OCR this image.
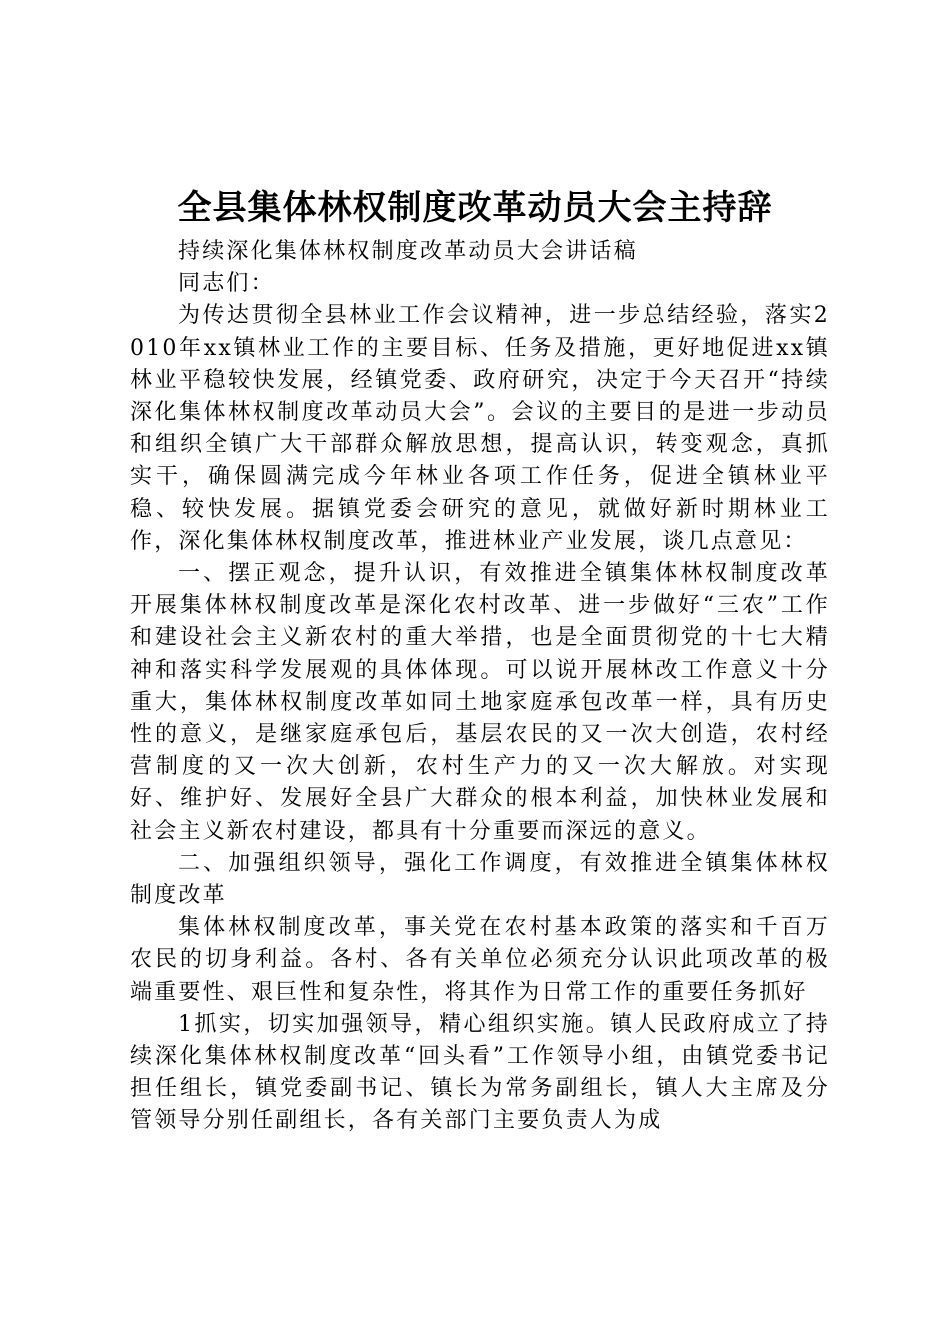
全县集体林权制度改革动员大会主持辞

持续深化集体林权制度改革动员大会讲话稿

同志们：

为传达贯彻全县林业工作会议精神，进一步总结经验，落实2010年xx镇林业工作的主要目标、任务及措施，更好地促进xx镇林业平稳较快发展，经镇党委、政府研究，决定于今天召开“持续深化集体林权制度改革动员大会”。会议的主要目的是进一步动员和组织全镇广大干部群众解放思想，提高认识，转变观念，真抓实干，确保圆满完成今年林业各项工作任务，促进全镇林业平稳、较快发展。据镇党委会研究的意见，就做好新时期林业工作，深化集体林权制度改革，推进林业产业发展，谈几点意见：

一、摆正观念，提升认识，有效推进全镇集体林权制度改革开展集体林权制度改革是深化农村改革、进一步做好“三农”工作和建设社会主义新农村的重大举措，也是全面贯彻党的十七大精神和落实科学发展观的具体体现。可以说开展林改工作意义十分重大，集体林权制度改革如同土地家庭承包改革一样，具有历史性的意义，是继家庭承包后，基层农民的又一次大创造，农村经营制度的又一次大创新，农村生产力的又一次大解放。对实现好、维护好、发展好全县广大群众的根本利益，加快林业发展和社会主义新农村建设，都具有十分重要而深远的意义。

二、加强组织领导，强化工作调度，有效推进全镇集体林权制度改革

集体林权制度改革，事关党在农村基本政策的落实和千百万农民的切身利益。各村、各有关单位必须充分认识此项改革的极端重要性、艰巨性和复杂性，将其作为日常工作的重要任务抓好

1抓实，切实加强领导，精心组织实施。镇人民政府成立了持续深化集体林权制度改革“回头看”工作领导小组，由镇党委书记担任组长，镇党委副书记、镇长为常务副组长，镇人大主席及分管领导分别任副组长，各有关部门主要负责人为成
